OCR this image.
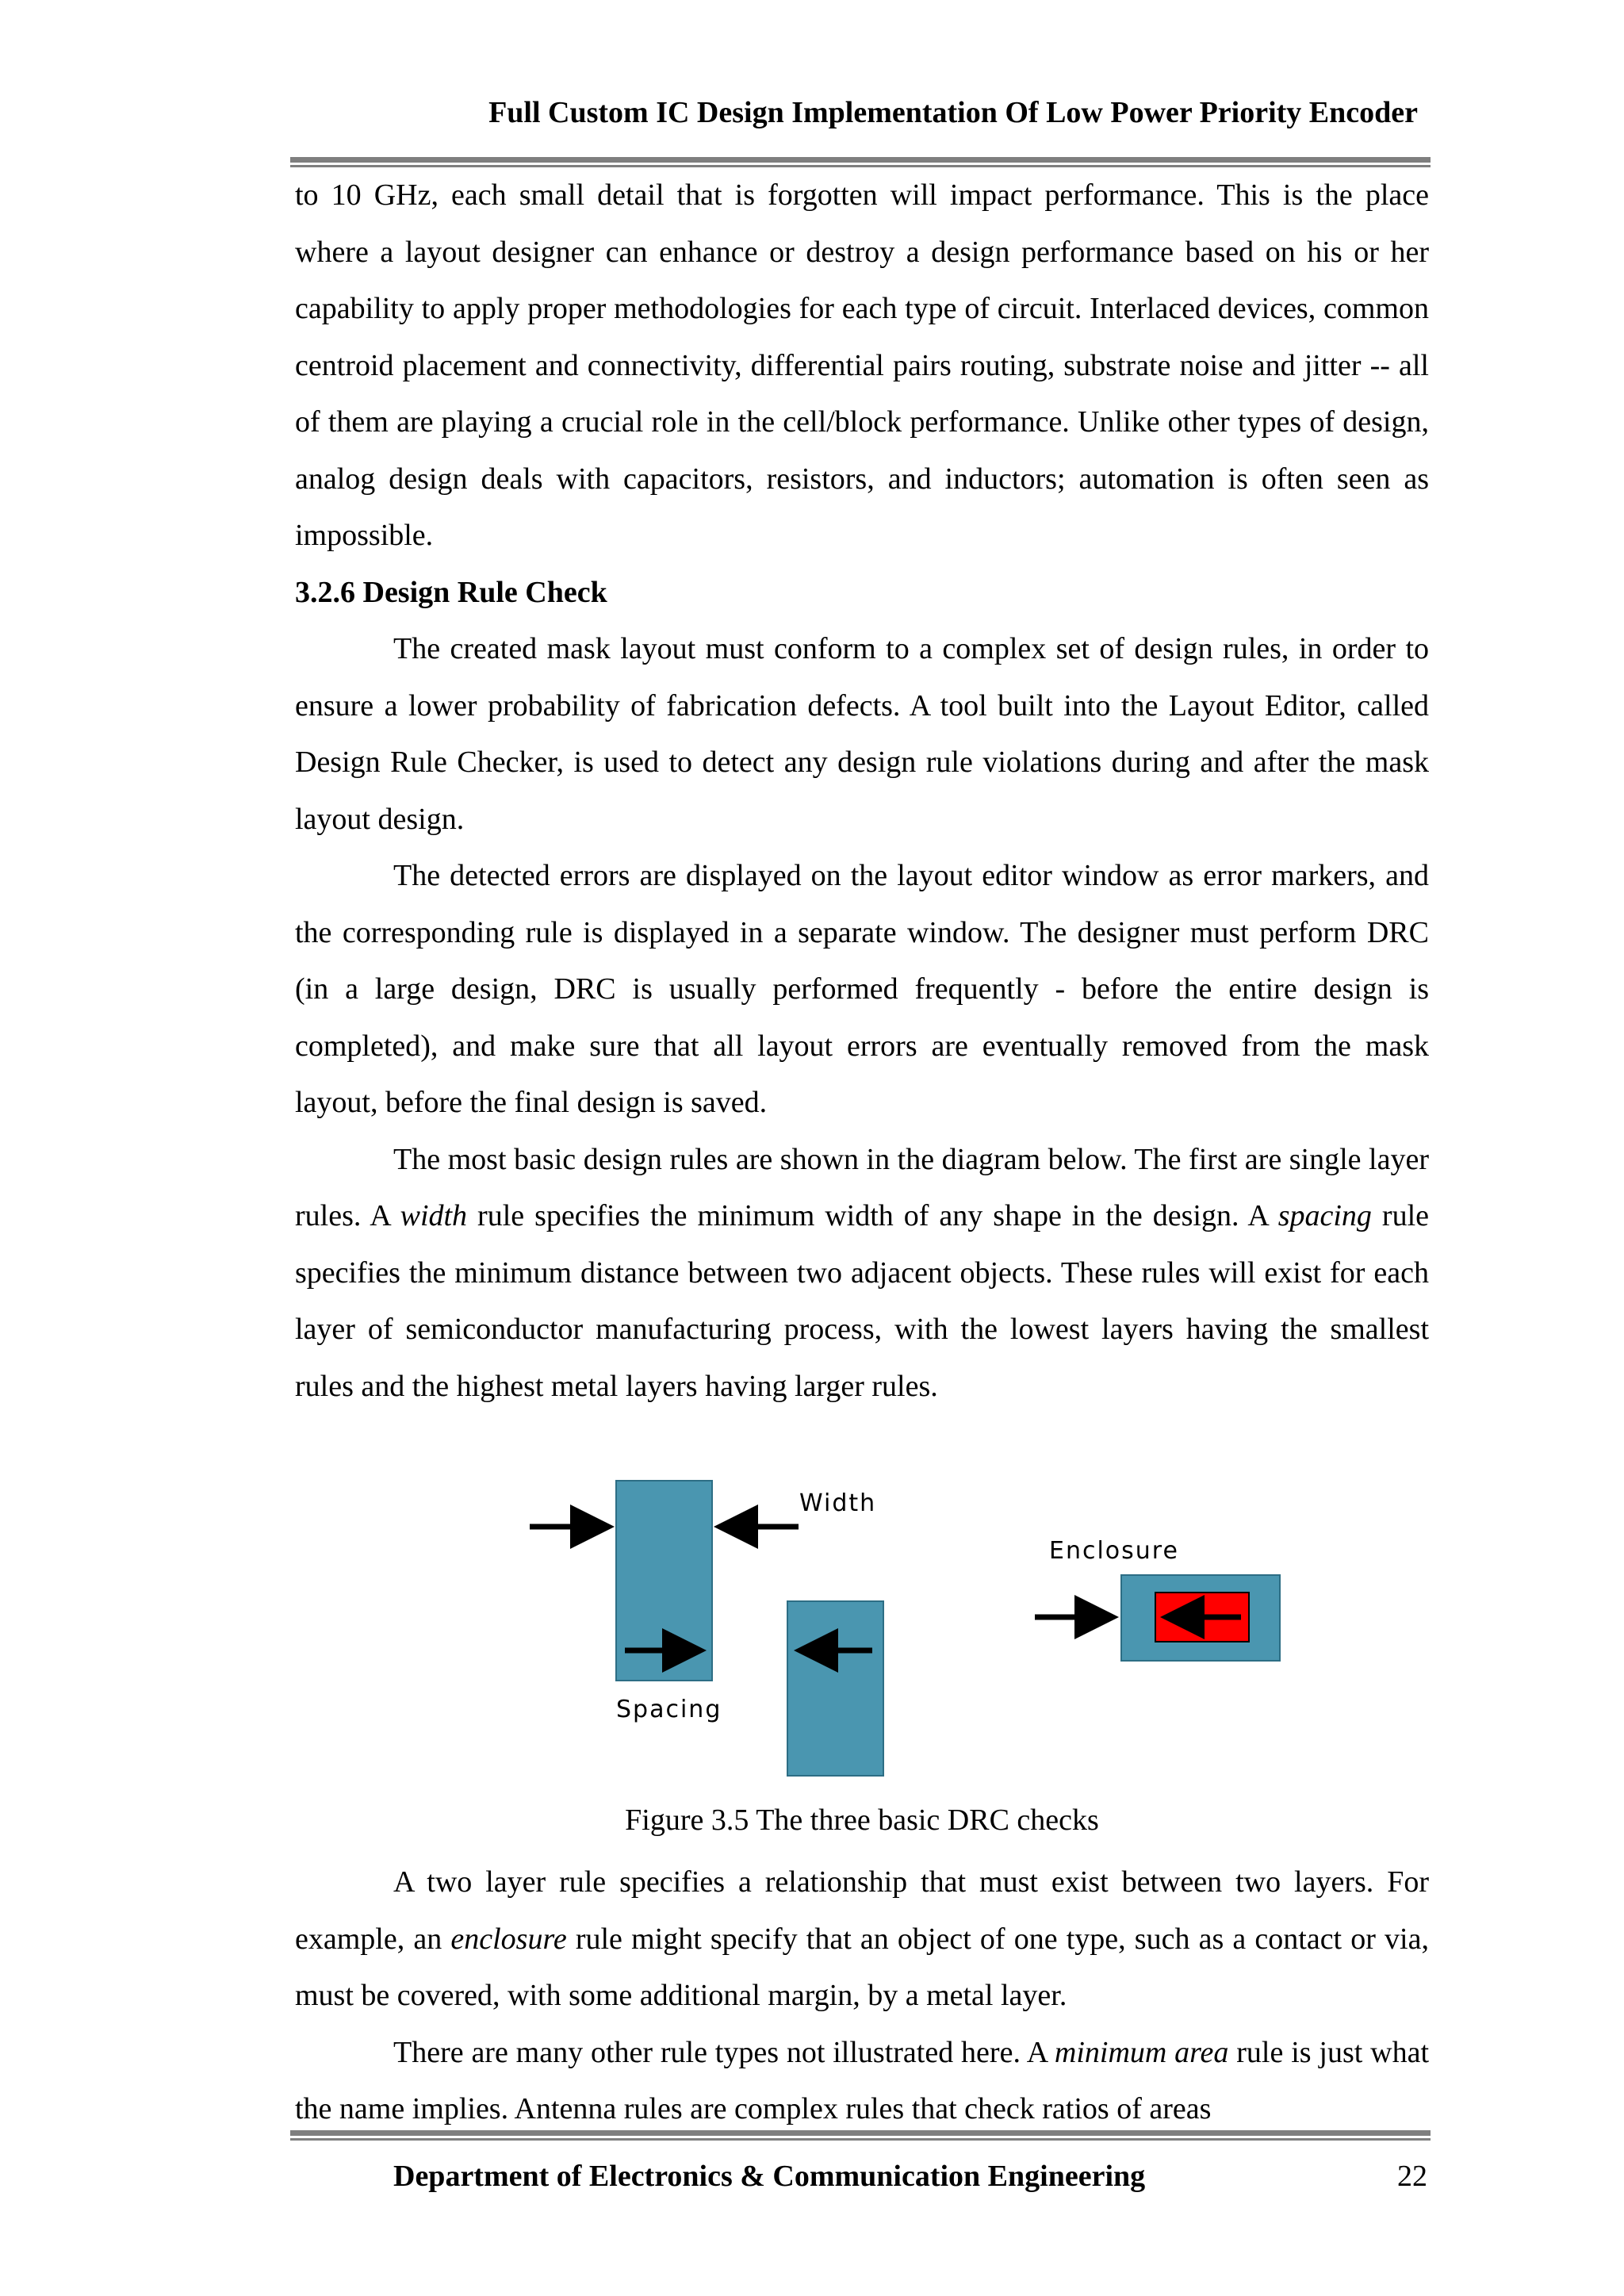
Full Custom IC Design Implementation Of Low Power Priority Encoder

to 10 GHz, each small detail that is forgotten will impact performance. This is the place where a layout designer can enhance or destroy a design performance based on his or her capability to apply proper methodologies for each type of circuit. Interlaced devices, common centroid placement and connectivity, differential pairs routing, substrate noise and jitter -- all of them are playing a crucial role in the cell/block performance. Unlike other types of design, analog design deals with capacitors, resistors, and inductors; automation is often seen as impossible.

3.2.6 Design Rule Check

The created mask layout must conform to a complex set of design rules, in order to ensure a lower probability of fabrication defects. A tool built into the Layout Editor, called Design Rule Checker, is used to detect any design rule violations during and after the mask layout design.

The detected errors are displayed on the layout editor window as error markers, and the corresponding rule is displayed in a separate window. The designer must perform DRC (in a large design, DRC is usually performed frequently - before the entire design is completed), and make sure that all layout errors are eventually removed from the mask layout, before the final design is saved.

The most basic design rules are shown in the diagram below. The first are single layer rules. A width rule specifies the minimum width of any shape in the design. A spacing rule specifies the minimum distance between two adjacent objects. These rules will exist for each layer of semiconductor manufacturing process, with the lowest layers having the smallest rules and the highest metal layers having larger rules.

Width
Spacing
Enclosure
Figure 3.5 The three basic DRC checks

A two layer rule specifies a relationship that must exist between two layers. For example, an enclosure rule might specify that an object of one type, such as a contact or via, must be covered, with some additional margin, by a metal layer.

There are many other rule types not illustrated here. A minimum area rule is just what the name implies. Antenna rules are complex rules that check ratios of areas

Department of Electronics & Communication Engineering	22
